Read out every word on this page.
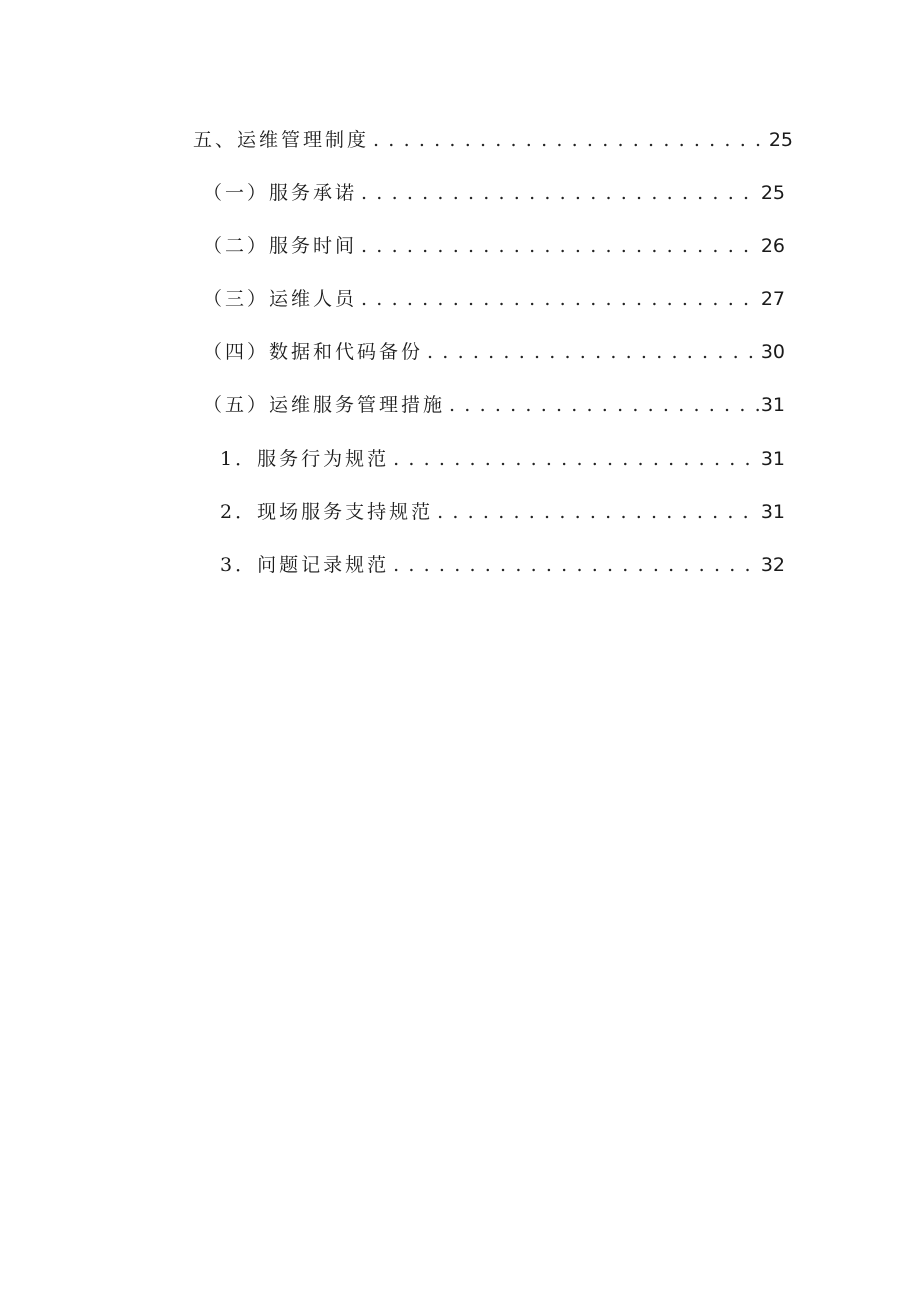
五、运维管理制度 . . .	25
（一）服务承诺 . . .	25
（二）服务时间 . . .	26
（三）运维人员 . . .	27
（四）数据和代码备份 . . .	30
（五）运维服务管理措施 . . .	31
1．服务行为规范 . . .	31
2．现场服务支持规范 . . .	31
3．问题记录规范 . . .	32
